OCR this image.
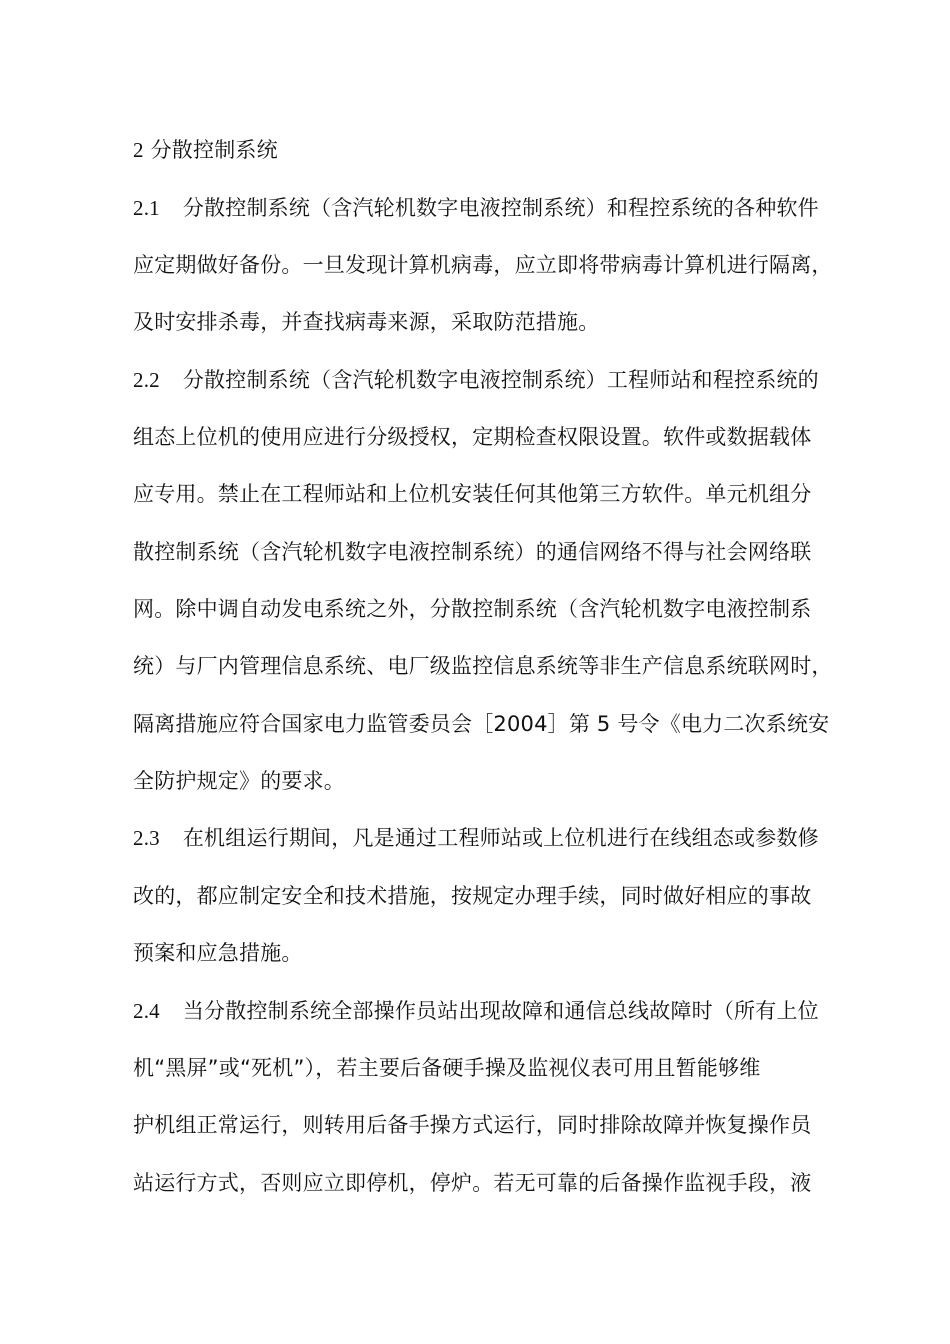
2 分散控制系统
2.1 分散控制系统（含汽轮机数字电液控制系统）和程控系统的各种软件
应定期做好备份。一旦发现计算机病毒，应立即将带病毒计算机进行隔离，
及时安排杀毒，并查找病毒来源，采取防范措施。
2.2 分散控制系统（含汽轮机数字电液控制系统）工程师站和程控系统的
组态上位机的使用应进行分级授权，定期检查权限设置。软件或数据载体
应专用。禁止在工程师站和上位机安装任何其他第三方软件。单元机组分
散控制系统（含汽轮机数字电液控制系统）的通信网络不得与社会网络联
网。除中调自动发电系统之外，分散控制系统（含汽轮机数字电液控制系
统）与厂内管理信息系统、电厂级监控信息系统等非生产信息系统联网时，
隔离措施应符合国家电力监管委员会［2004］第 5 号令《电力二次系统安
全防护规定》的要求。
2.3 在机组运行期间，凡是通过工程师站或上位机进行在线组态或参数修
改的，都应制定安全和技术措施，按规定办理手续，同时做好相应的事故
预案和应急措施。
2.4 当分散控制系统全部操作员站出现故障和通信总线故障时（所有上位
机“黑屏”或“死机”），若主要后备硬手操及监视仪表可用且暂能够维
护机组正常运行，则转用后备手操方式运行，同时排除故障并恢复操作员
站运行方式，否则应立即停机，停炉。若无可靠的后备操作监视手段，液
